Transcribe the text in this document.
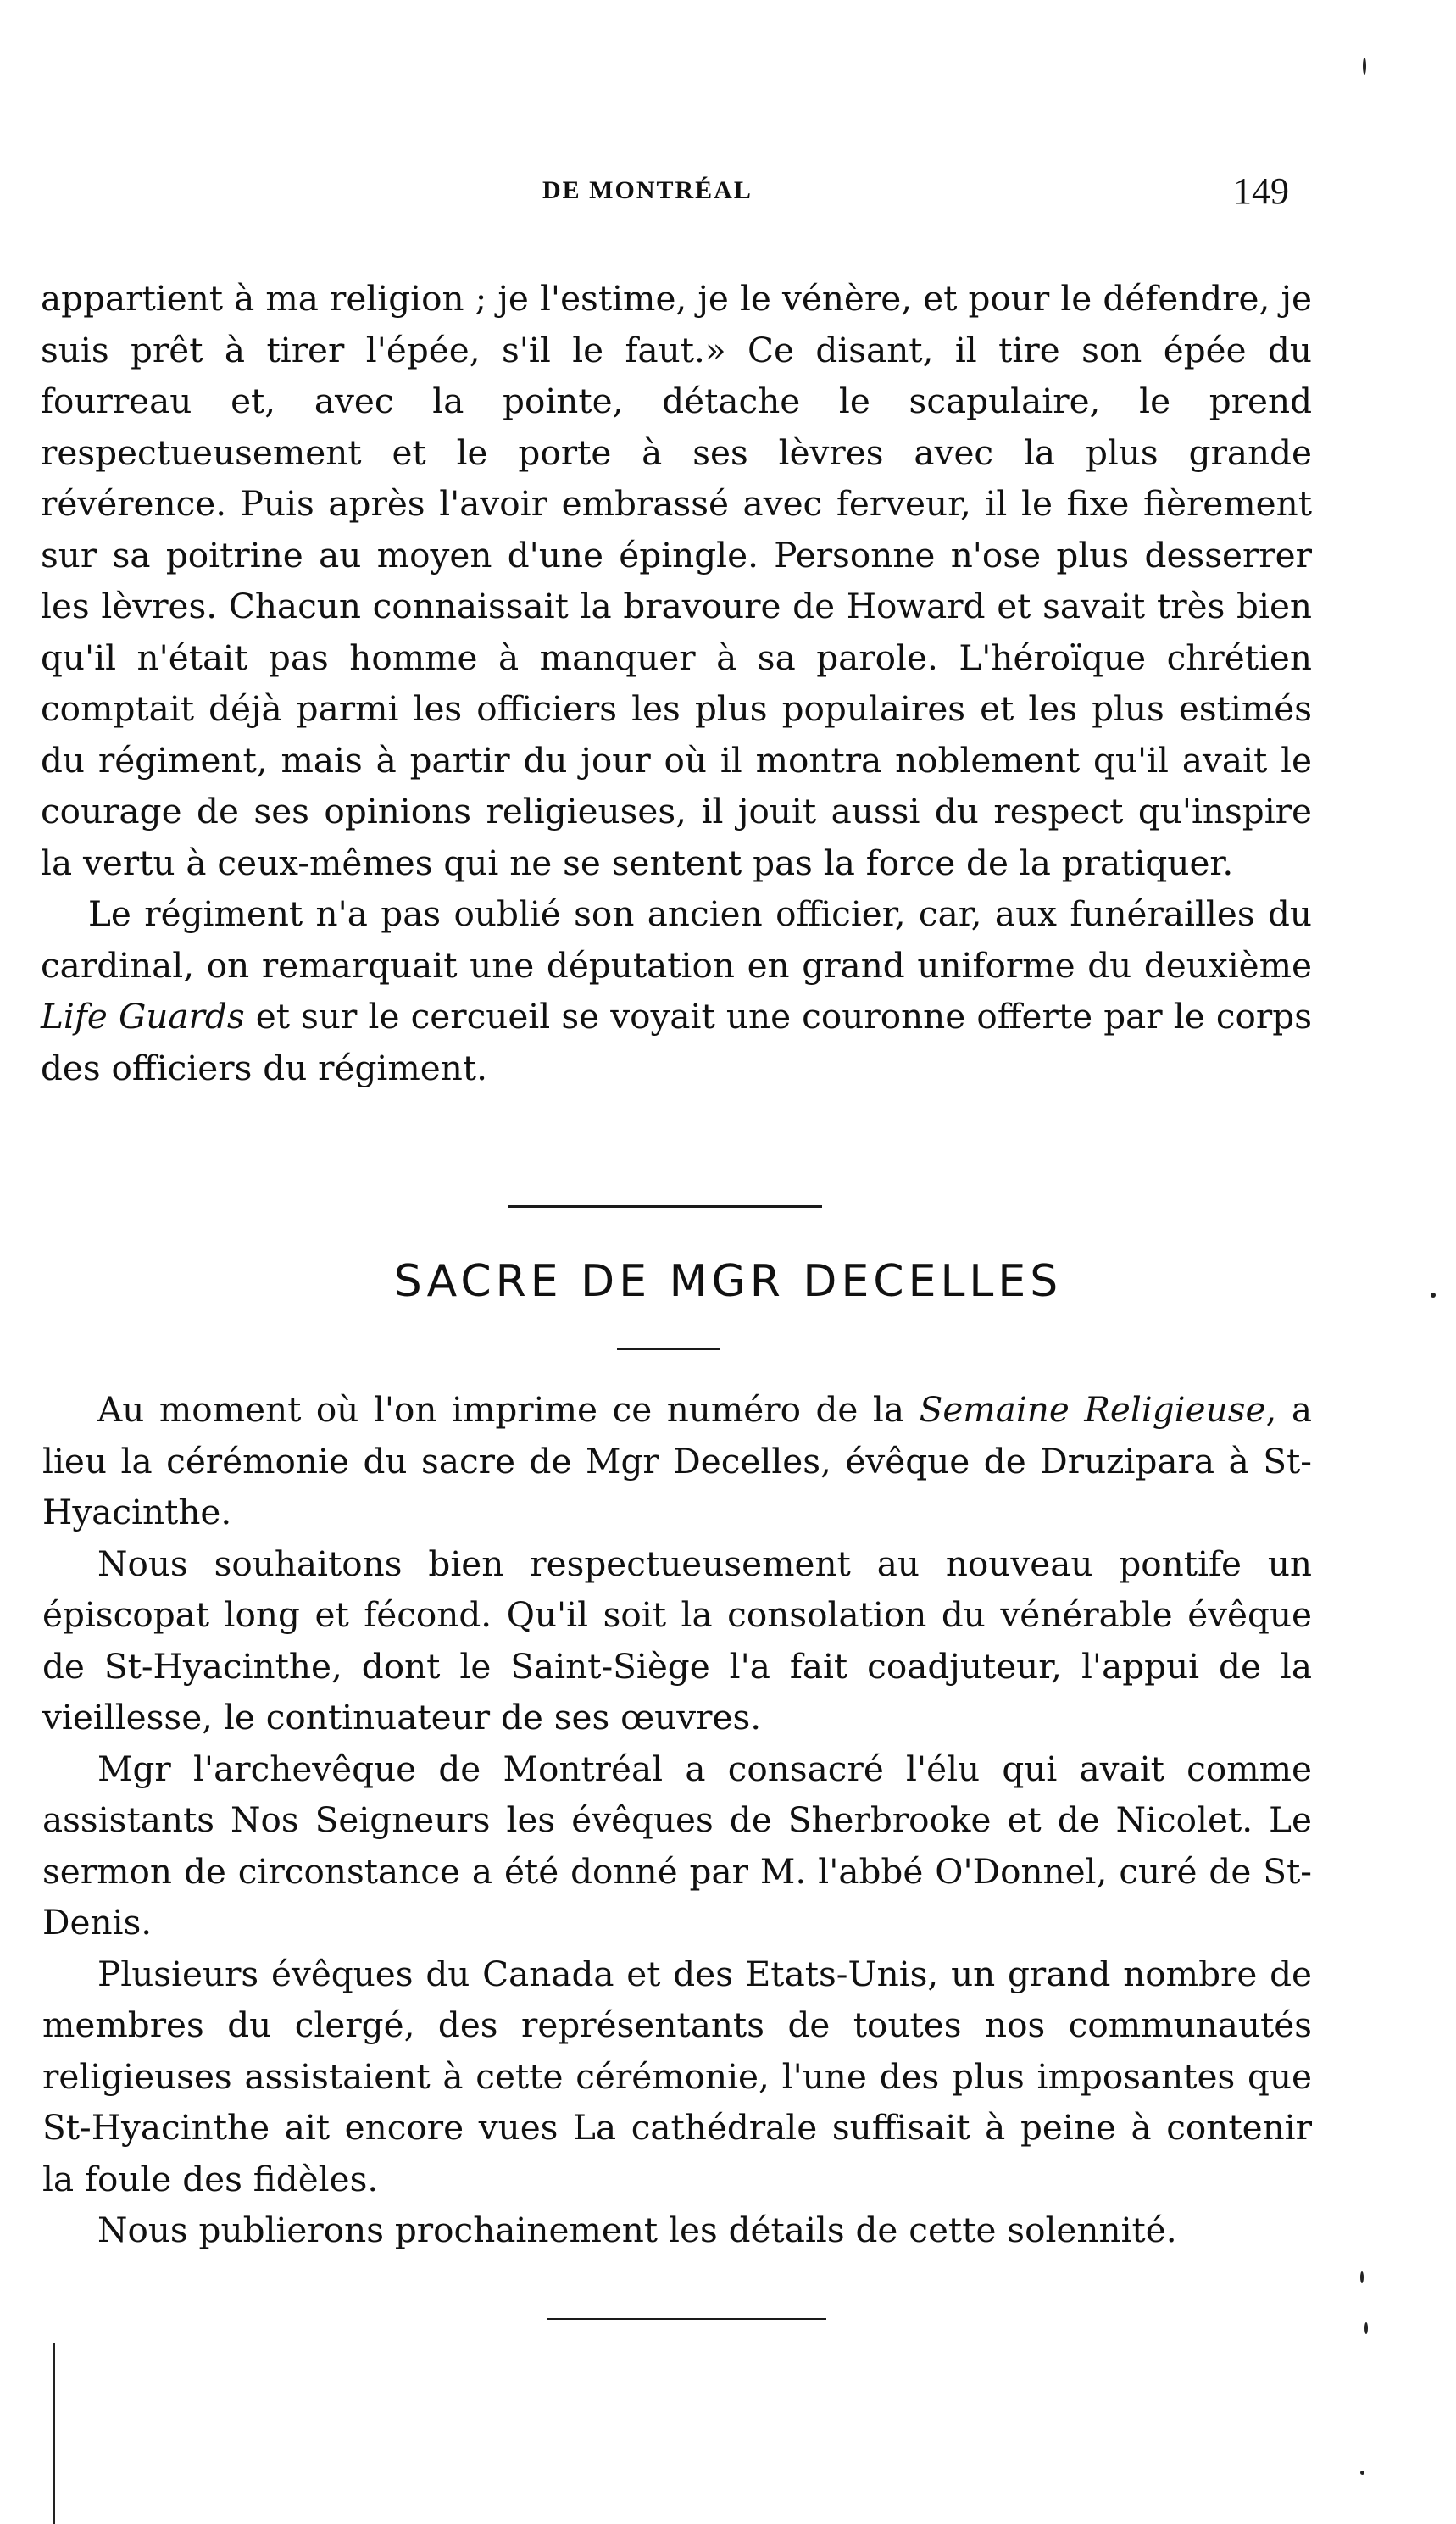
DE MONTRÉAL	149

appartient à ma religion ; je l'estime, je le vénère, et pour le défendre, je suis prêt à tirer l'épée, s'il le faut.» Ce disant, il tire son épée du fourreau et, avec la pointe, détache le scapulaire, le prend respectueusement et le porte à ses lèvres avec la plus grande révérence. Puis après l'avoir embrassé avec ferveur, il le fixe fièrement sur sa poitrine au moyen d'une épingle. Personne n'ose plus desserrer les lèvres. Chacun connaissait la bravoure de Howard et savait très bien qu'il n'était pas homme à manquer à sa parole. L'héroïque chrétien comptait déjà parmi les officiers les plus populaires et les plus estimés du régiment, mais à partir du jour où il montra noblement qu'il avait le courage de ses opinions religieuses, il jouit aussi du respect qu'inspire la vertu à ceux-mêmes qui ne se sentent pas la force de la pratiquer.

Le régiment n'a pas oublié son ancien officier, car, aux funérailles du cardinal, on remarquait une députation en grand uniforme du deuxième Life Guards et sur le cercueil se voyait une couronne offerte par le corps des officiers du régiment.

SACRE DE MGR DECELLES

Au moment où l'on imprime ce numéro de la Semaine Religieuse, a lieu la cérémonie du sacre de Mgr Decelles, évêque de Druzipara à St-Hyacinthe.

Nous souhaitons bien respectueusement au nouveau pontife un épiscopat long et fécond. Qu'il soit la consolation du vénérable évêque de St-Hyacinthe, dont le Saint-Siège l'a fait coadjuteur, l'appui de la vieillesse, le continuateur de ses œuvres.

Mgr l'archevêque de Montréal a consacré l'élu qui avait comme assistants Nos Seigneurs les évêques de Sherbrooke et de Nicolet. Le sermon de circonstance a été donné par M. l'abbé O'Donnel, curé de St-Denis.

Plusieurs évêques du Canada et des Etats-Unis, un grand nombre de membres du clergé, des représentants de toutes nos communautés religieuses assistaient à cette cérémonie, l'une des plus imposantes que St-Hyacinthe ait encore vues La cathédrale suffisait à peine à contenir la foule des fidèles.

Nous publierons prochainement les détails de cette solennité.
